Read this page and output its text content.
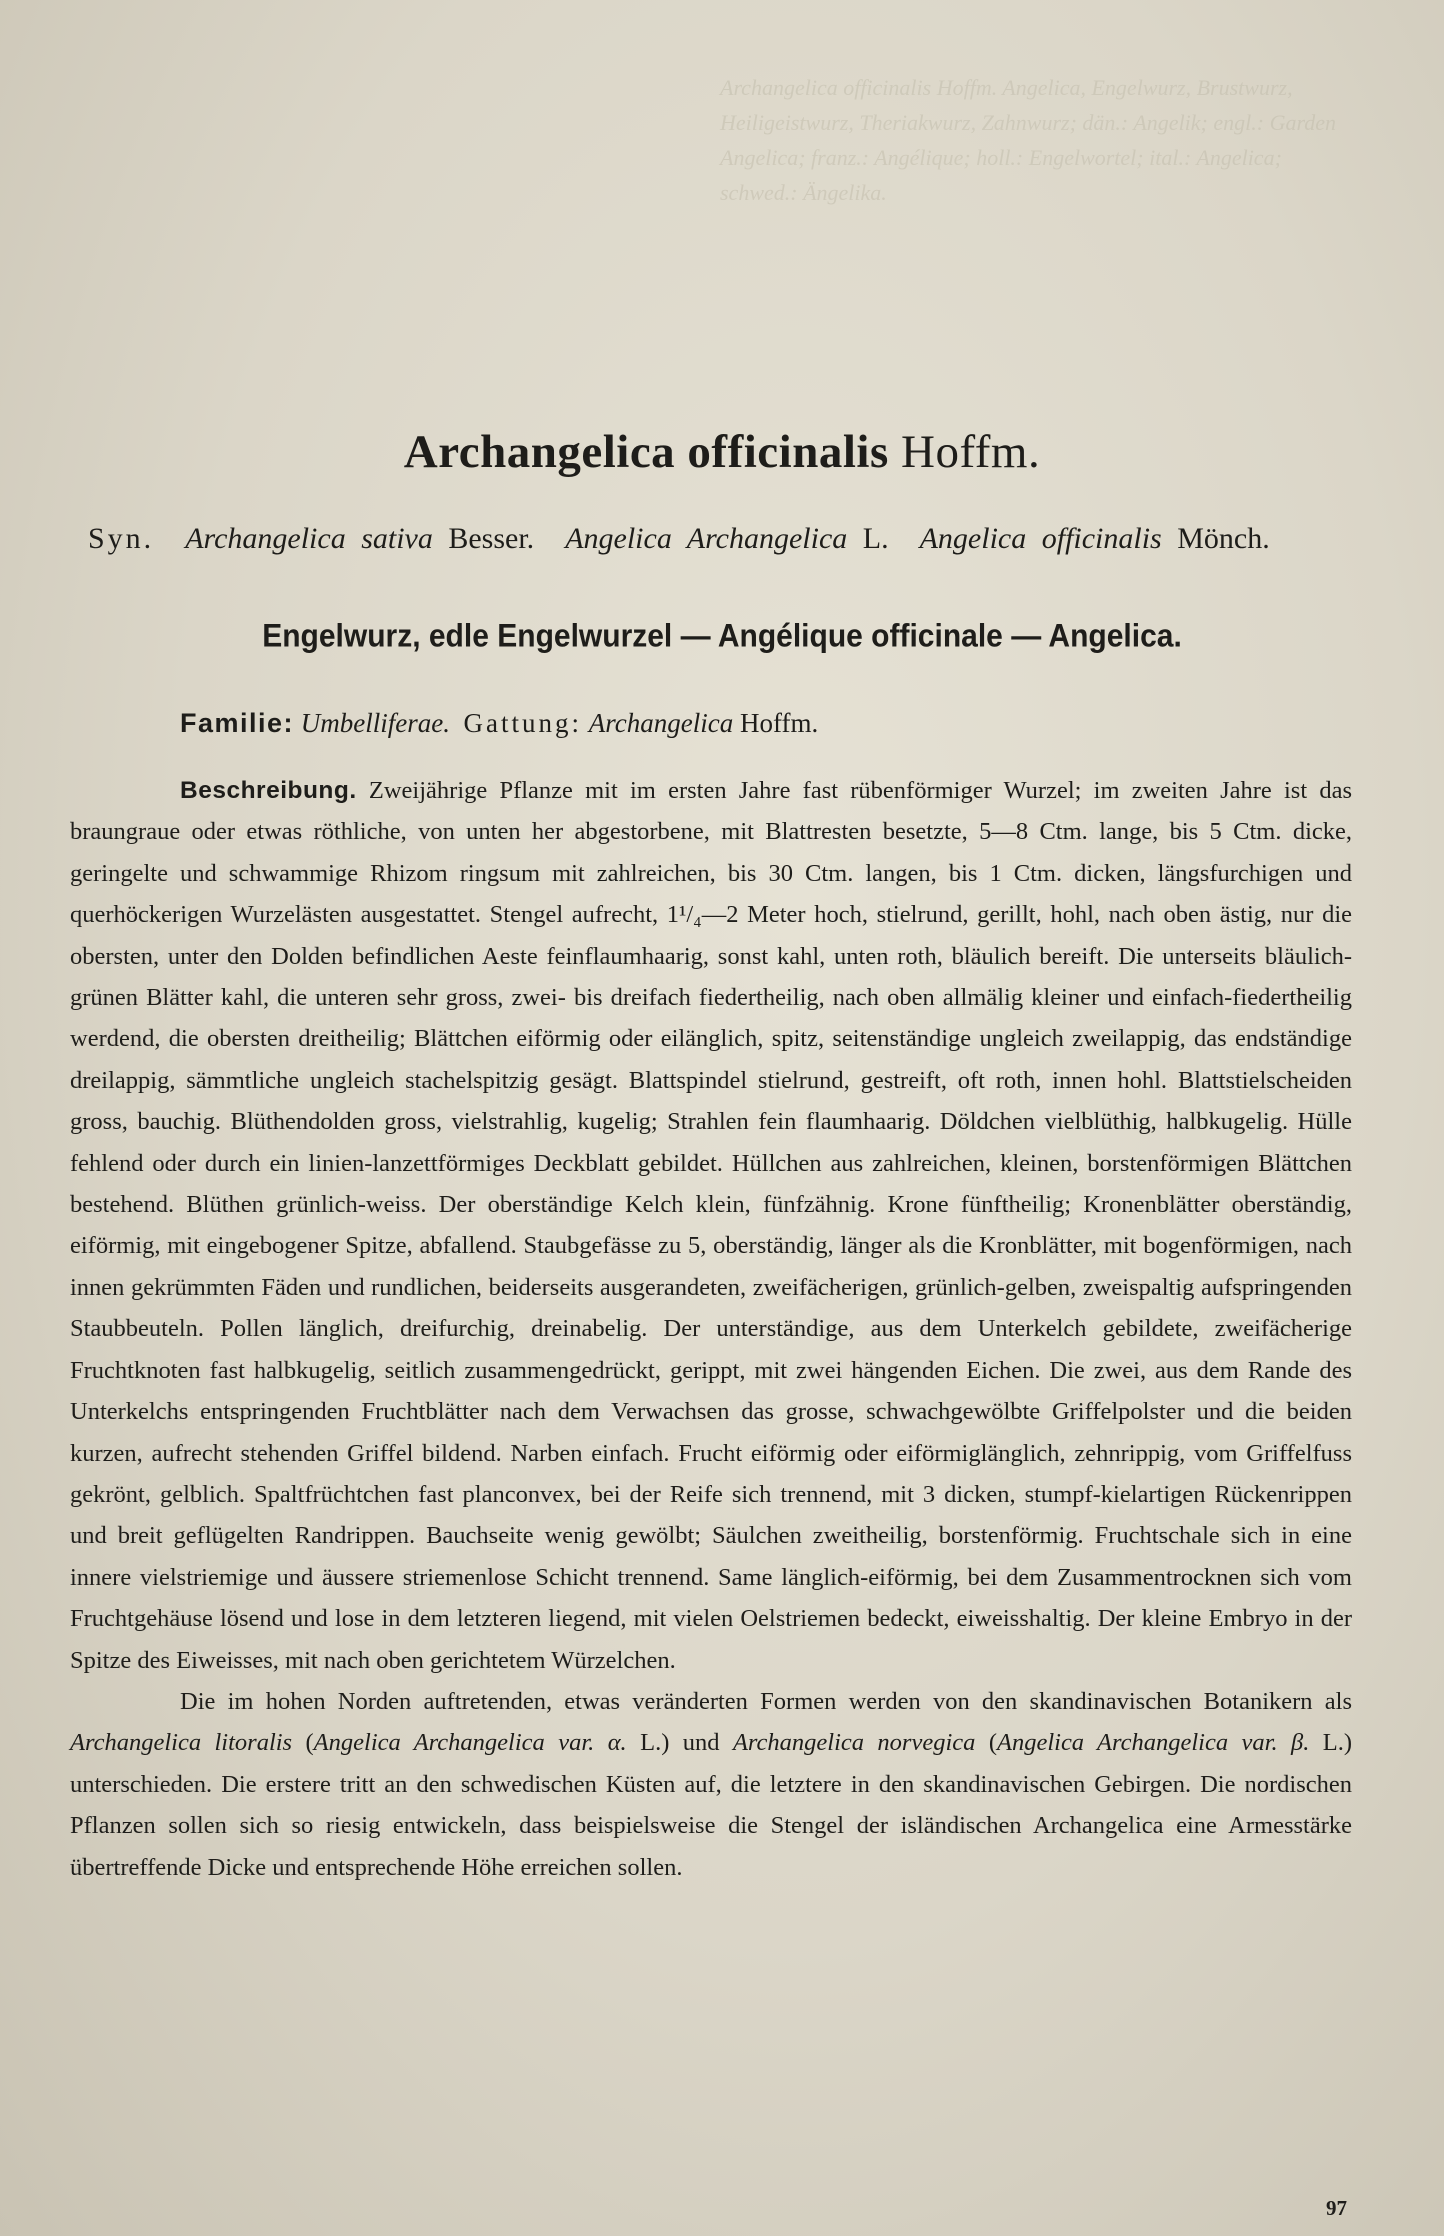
Archangelica officinalis Hoffm. Angelica, Engelwurz, Brustwurz, Heiligeistwurz, Theriakwurz, Zahnwurz; dän.: Angelik; engl.: Garden Angelica; franz.: Angélique; holl.: Engelwortel; ital.: Angelica; schwed.: Ängelika.
Archangelica officinalis Hoffm.
Syn. Archangelica sativa Besser. Angelica Archangelica L. Angelica officinalis Mönch.
Engelwurz, edle Engelwurzel — Angélique officinale — Angelica.
Familie: Umbelliferae. Gattung: Archangelica Hoffm.

Beschreibung. Zweijährige Pflanze mit im ersten Jahre fast rübenförmiger Wurzel; im zweiten Jahre ist das braungraue oder etwas röthliche, von unten her abgestorbene, mit Blattresten besetzte, 5—8 Ctm. lange, bis 5 Ctm. dicke, geringelte und schwammige Rhizom ringsum mit zahlreichen, bis 30 Ctm. langen, bis 1 Ctm. dicken, längsfurchigen und querhöckerigen Wurzelästen ausgestattet. Stengel aufrecht, 1¹/₄—2 Meter hoch, stielrund, gerillt, hohl, nach oben ästig, nur die obersten, unter den Dolden befindlichen Aeste feinflaumhaarig, sonst kahl, unten roth, bläulich bereift. Die unterseits bläulich-grünen Blätter kahl, die unteren sehr gross, zwei- bis dreifach fiedertheilig, nach oben allmälig kleiner und einfach-fiedertheilig werdend, die obersten dreitheilig; Blättchen eiförmig oder eilänglich, spitz, seitenständige ungleich zweilappig, das endständige dreilappig, sämmtliche ungleich stachelspitzig gesägt. Blattspindel stielrund, gestreift, oft roth, innen hohl. Blattstielscheiden gross, bauchig. Blüthendolden gross, vielstrahlig, kugelig; Strahlen fein flaumhaarig. Döldchen vielblüthig, halbkugelig. Hülle fehlend oder durch ein linien-lanzettförmiges Deckblatt gebildet. Hüllchen aus zahlreichen, kleinen, borstenförmigen Blättchen bestehend. Blüthen grünlich-weiss. Der oberständige Kelch klein, fünfzähnig. Krone fünftheilig; Kronenblätter oberständig, eiförmig, mit eingebogener Spitze, abfallend. Staubgefässe zu 5, oberständig, länger als die Kronblätter, mit bogenförmigen, nach innen gekrümmten Fäden und rundlichen, beiderseits ausgerandeten, zweifächerigen, grünlich-gelben, zweispaltig aufspringenden Staubbeuteln. Pollen länglich, dreifurchig, dreinabelig. Der unterständige, aus dem Unterkelch gebildete, zweifächerige Fruchtknoten fast halbkugelig, seitlich zusammengedrückt, gerippt, mit zwei hängenden Eichen. Die zwei, aus dem Rande des Unterkelchs entspringenden Fruchtblätter nach dem Verwachsen das grosse, schwachgewölbte Griffelpolster und die beiden kurzen, aufrecht stehenden Griffel bildend. Narben einfach. Frucht eiförmig oder eiförmiglänglich, zehnrippig, vom Griffelfuss gekrönt, gelblich. Spaltfrüchtchen fast planconvex, bei der Reife sich trennend, mit 3 dicken, stumpf-kielartigen Rückenrippen und breit geflügelten Randrippen. Bauchseite wenig gewölbt; Säulchen zweitheilig, borstenförmig. Fruchtschale sich in eine innere vielstriemige und äussere striemenlose Schicht trennend. Same länglich-eiförmig, bei dem Zusammentrocknen sich vom Fruchtgehäuse lösend und lose in dem letzteren liegend, mit vielen Oelstriemen bedeckt, eiweisshaltig. Der kleine Embryo in der Spitze des Eiweisses, mit nach oben gerichtetem Würzelchen.

Die im hohen Norden auftretenden, etwas veränderten Formen werden von den skandinavischen Botanikern als Archangelica litoralis (Angelica Archangelica var. α. L.) und Archangelica norvegica (Angelica Archangelica var. β. L.) unterschieden. Die erstere tritt an den schwedischen Küsten auf, die letztere in den skandinavischen Gebirgen. Die nordischen Pflanzen sollen sich so riesig entwickeln, dass beispielsweise die Stengel der isländischen Archangelica eine Armesstärke übertreffende Dicke und entsprechende Höhe erreichen sollen.

97
